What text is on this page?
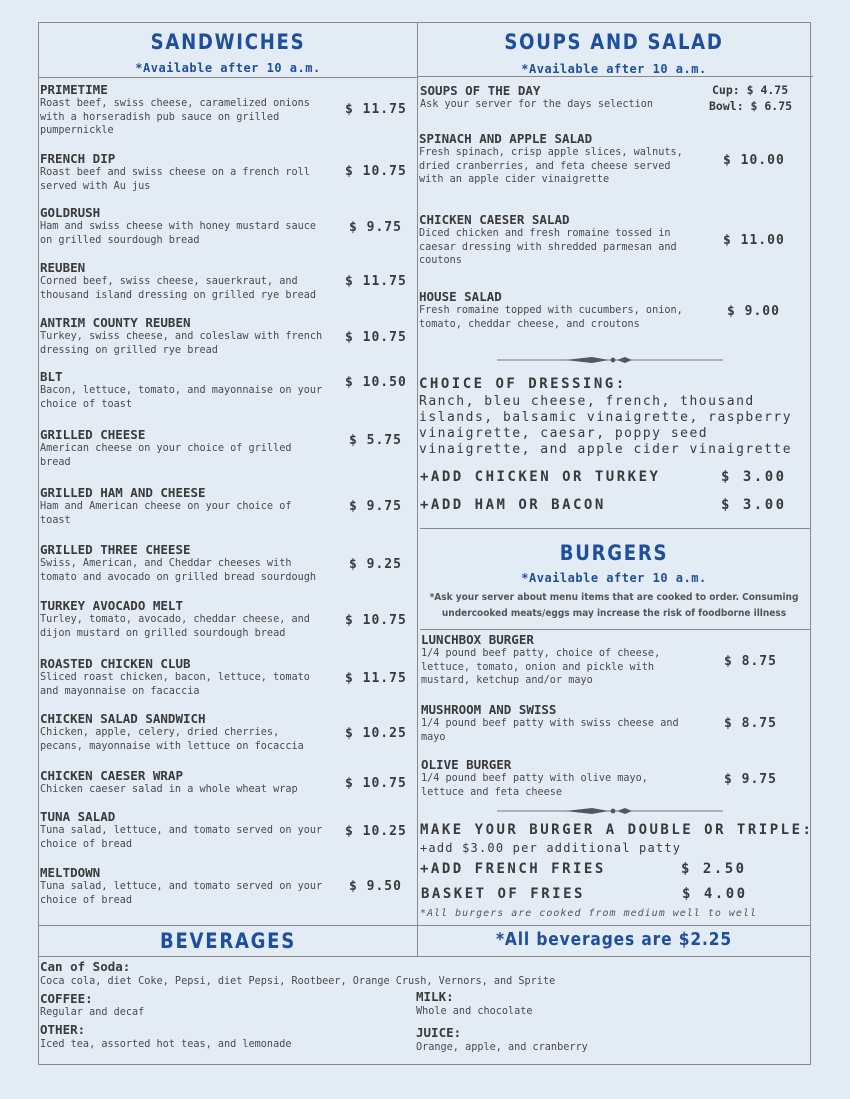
SANDWICHES
*Available after 10 a.m.
SOUPS AND SALAD
*Available after 10 a.m.
PRIMETIME
Roast beef, swiss cheese, caramelized onions with a horseradish pub sauce on grilled pumpernickle
$ 11.75
FRENCH DIP
Roast beef and swiss cheese on a french roll served with Au jus
$ 10.75
GOLDRUSH
Ham and swiss cheese with honey mustard sauce on grilled sourdough bread
$ 9.75
REUBEN
Corned beef, swiss cheese, sauerkraut, and thousand island dressing on grilled rye bread
$ 11.75
ANTRIM COUNTY REUBEN
Turkey, swiss cheese, and coleslaw with french dressing on grilled rye bread
$ 10.75
BLT
Bacon, lettuce, tomato, and mayonnaise on your choice of toast
$ 10.50
GRILLED CHEESE
American cheese on your choice of grilled bread
$ 5.75
GRILLED HAM AND CHEESE
Ham and American cheese on your choice of toast
$ 9.75
GRILLED THREE CHEESE
Swiss, American, and Cheddar cheeses with tomato and avocado on grilled bread sourdough
$ 9.25
TURKEY AVOCADO MELT
Turley, tomato, avocado, cheddar cheese, and dijon mustard on grilled sourdough bread
$ 10.75
ROASTED CHICKEN CLUB
Sliced roast chicken, bacon, lettuce, tomato and mayonnaise on facaccia
$ 11.75
CHICKEN SALAD SANDWICH
Chicken, apple, celery, dried cherries, pecans, mayonnaise with lettuce on focaccia
$ 10.25
CHICKEN CAESER WRAP
Chicken caeser salad in a whole wheat wrap	$ 10.75
TUNA SALAD
Tuna salad, lettuce, and tomato served on your choice of bread
$ 10.25
MELTDOWN
Tuna salad, lettuce, and tomato served on your choice of bread
$ 9.50
SOUPS OF THE DAY
Ask your server for the days selection
Cup: $ 4.75
Bowl: $ 6.75
SPINACH AND APPLE SALAD
Fresh spinach, crisp apple slices, walnuts, dried cranberries, and feta cheese served with an apple cider vinaigrette
$ 10.00
CHICKEN CAESER SALAD
Diced chicken and fresh romaine tossed in caesar dressing with shredded parmesan and coutons
$ 11.00
HOUSE SALAD
Fresh romaine topped with cucumbers, onion, tomato, cheddar cheese, and croutons
$ 9.00
CHOICE OF DRESSING:
Ranch, bleu cheese, french, thousand islands, balsamic vinaigrette, raspberry vinaigrette, caesar, poppy seed vinaigrette, and apple cider vinaigrette
+ADD CHICKEN OR TURKEY	$ 3.00
+ADD HAM OR BACON	$ 3.00
BURGERS
*Available after 10 a.m.
*Ask your server about menu items that are cooked to order. Consuming undercooked meats/eggs may increase the risk of foodborne illness
LUNCHBOX BURGER
1/4 pound beef patty, choice of cheese, lettuce, tomato, onion and pickle with mustard, ketchup and/or mayo
$ 8.75
MUSHROOM AND SWISS
1/4 pound beef patty with swiss cheese and mayo
$ 8.75
OLIVE BURGER
1/4 pound beef patty with olive mayo, lettuce and feta cheese
$ 9.75
MAKE YOUR BURGER A DOUBLE OR TRIPLE:
+add $3.00 per additional patty
+ADD FRENCH FRIES	$ 2.50
BASKET OF FRIES	$ 4.00
*All burgers are cooked from medium well to well
BEVERAGES	*All beverages are $2.25
Can of Soda:
Coca cola, diet Coke, Pepsi, diet Pepsi, Rootbeer, Orange Crush, Vernors, and Sprite
COFFEE:
Regular and decaf
OTHER:
Iced tea, assorted hot teas, and lemonade
MILK:
Whole and chocolate
JUICE:
Orange, apple, and cranberry
